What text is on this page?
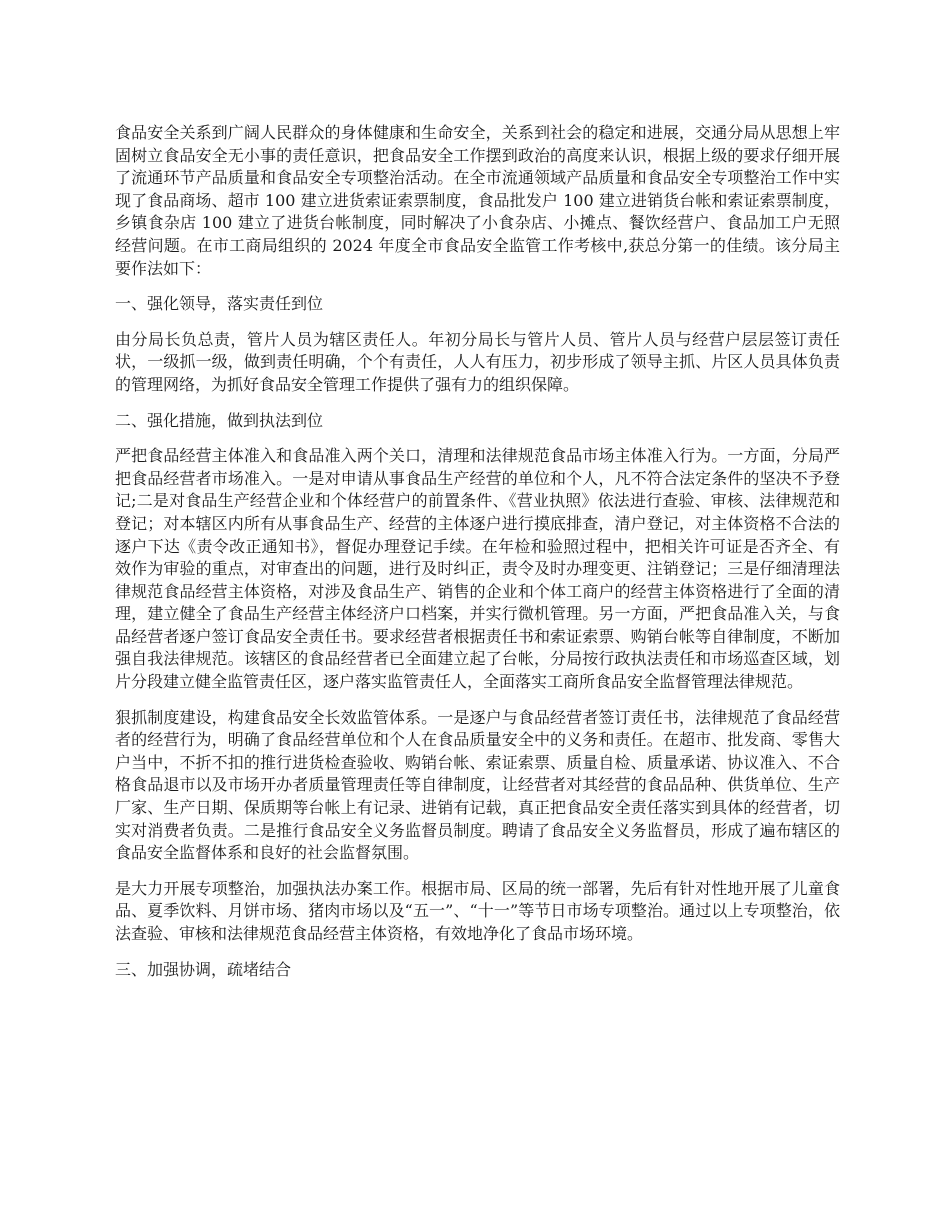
食品安全关系到广阔人民群众的身体健康和生命安全，关系到社会的稳定和进展，交通分局从思想上牢固树立食品安全无小事的责任意识，把食品安全工作摆到政治的高度来认识，根据上级的要求仔细开展了流通环节产品质量和食品安全专项整治活动。在全市流通领域产品质量和食品安全专项整治工作中实现了食品商场、超市 100 建立进货索证索票制度，食品批发户 100 建立进销货台帐和索证索票制度，乡镇食杂店 100 建立了进货台帐制度，同时解决了小食杂店、小摊点、餐饮经营户、食品加工户无照经营问题。在市工商局组织的 2024 年度全市食品安全监管工作考核中,获总分第一的佳绩。该分局主要作法如下：

一、强化领导，落实责任到位

由分局长负总责，管片人员为辖区责任人。年初分局长与管片人员、管片人员与经营户层层签订责任状，一级抓一级，做到责任明确，个个有责任，人人有压力，初步形成了领导主抓、片区人员具体负责的管理网络，为抓好食品安全管理工作提供了强有力的组织保障。

二、强化措施，做到执法到位

严把食品经营主体准入和食品准入两个关口，清理和法律规范食品市场主体准入行为。一方面，分局严把食品经营者市场准入。一是对申请从事食品生产经营的单位和个人，凡不符合法定条件的坚决不予登记;二是对食品生产经营企业和个体经营户的前置条件、《营业执照》依法进行查验、审核、法律规范和登记；对本辖区内所有从事食品生产、经营的主体逐户进行摸底排查，清户登记，对主体资格不合法的逐户下达《责令改正通知书》，督促办理登记手续。在年检和验照过程中，把相关许可证是否齐全、有效作为审验的重点，对审查出的问题，进行及时纠正，责令及时办理变更、注销登记；三是仔细清理法律规范食品经营主体资格，对涉及食品生产、销售的企业和个体工商户的经营主体资格进行了全面的清理，建立健全了食品生产经营主体经济户口档案，并实行微机管理。另一方面，严把食品准入关，与食品经营者逐户签订食品安全责任书。要求经营者根据责任书和索证索票、购销台帐等自律制度，不断加强自我法律规范。该辖区的食品经营者已全面建立起了台帐，分局按行政执法责任和市场巡查区域，划片分段建立健全监管责任区，逐户落实监管责任人，全面落实工商所食品安全监督管理法律规范。

狠抓制度建设，构建食品安全长效监管体系。一是逐户与食品经营者签订责任书，法律规范了食品经营者的经营行为，明确了食品经营单位和个人在食品质量安全中的义务和责任。在超市、批发商、零售大户当中，不折不扣的推行进货检查验收、购销台帐、索证索票、质量自检、质量承诺、协议准入、不合格食品退市以及市场开办者质量管理责任等自律制度，让经营者对其经营的食品品种、供货单位、生产厂家、生产日期、保质期等台帐上有记录、进销有记载，真正把食品安全责任落实到具体的经营者，切实对消费者负责。二是推行食品安全义务监督员制度。聘请了食品安全义务监督员，形成了遍布辖区的食品安全监督体系和良好的社会监督氛围。

是大力开展专项整治，加强执法办案工作。根据市局、区局的统一部署，先后有针对性地开展了儿童食品、夏季饮料、月饼市场、猪肉市场以及“五一”、“十一”等节日市场专项整治。通过以上专项整治，依法查验、审核和法律规范食品经营主体资格，有效地净化了食品市场环境。

三、加强协调，疏堵结合
